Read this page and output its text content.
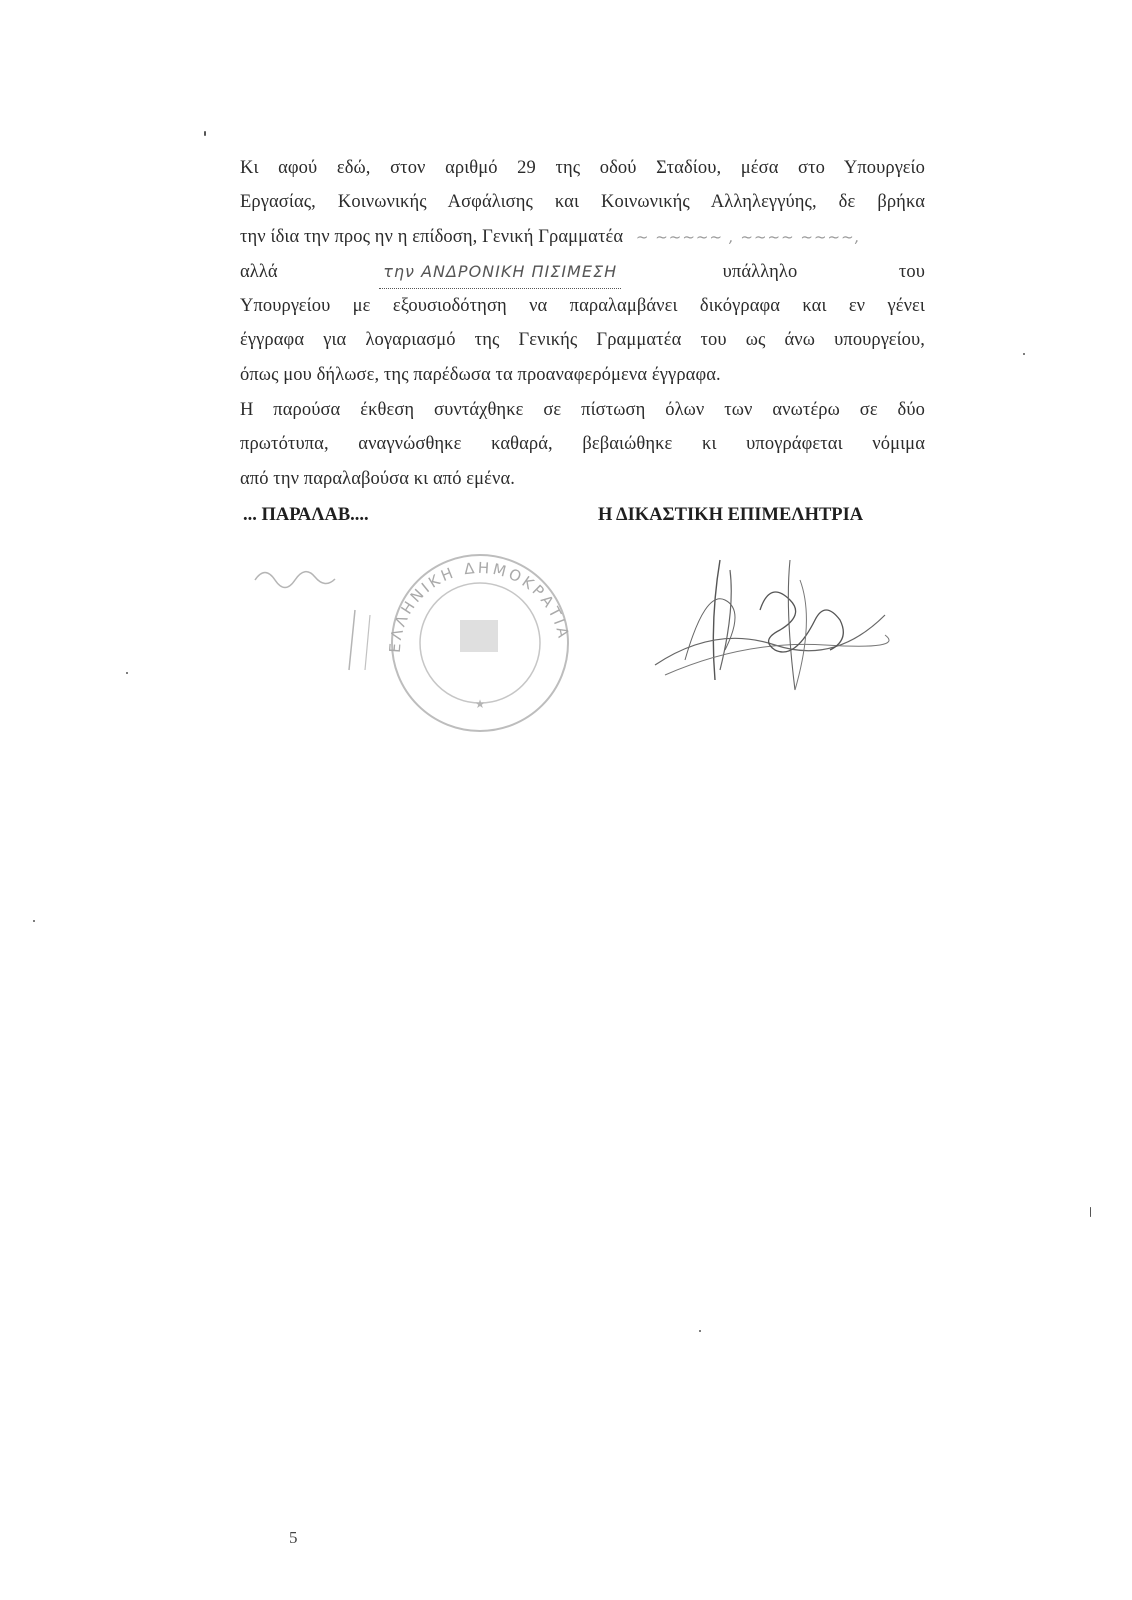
Κι αφού εδώ, στον αριθμό 29 της οδού Σταδίου, μέσα στο Υπουργείο
Εργασίας, Κοινωνικής Ασφάλισης και Κοινωνικής Αλληλεγγύης, δε βρήκα
την ίδια την προς ην η επίδοση, Γενική Γραμματέα ~ ~~~~~ , ~~~~ ~~~~,
αλλά	την ΑΝΔΡΟΝΙΚΗ ΠΙΣΙΜΕΣΗ	υπάλληλο	του
Υπουργείου με εξουσιοδότηση να παραλαμβάνει δικόγραφα και εν γένει
έγγραφα για λογαριασμό της Γενικής Γραμματέα του ως άνω υπουργείου,
όπως μου δήλωσε, της παρέδωσα τα προαναφερόμενα έγγραφα.
Η παρούσα έκθεση συντάχθηκε σε πίστωση όλων των ανωτέρω σε δύο
πρωτότυπα, αναγνώσθηκε καθαρά, βεβαιώθηκε κι υπογράφεται νόμιμα
από την παραλαβούσα κι από εμένα.
... ΠΑΡΑΛΑΒ....	Η ΔΙΚΑΣΤΙΚΗ ΕΠΙΜΕΛΗΤΡΙΑ
ΕΛΛΗΝΙΚΗ ΔΗΜΟΚΡΑΤΙΑ
★
5
